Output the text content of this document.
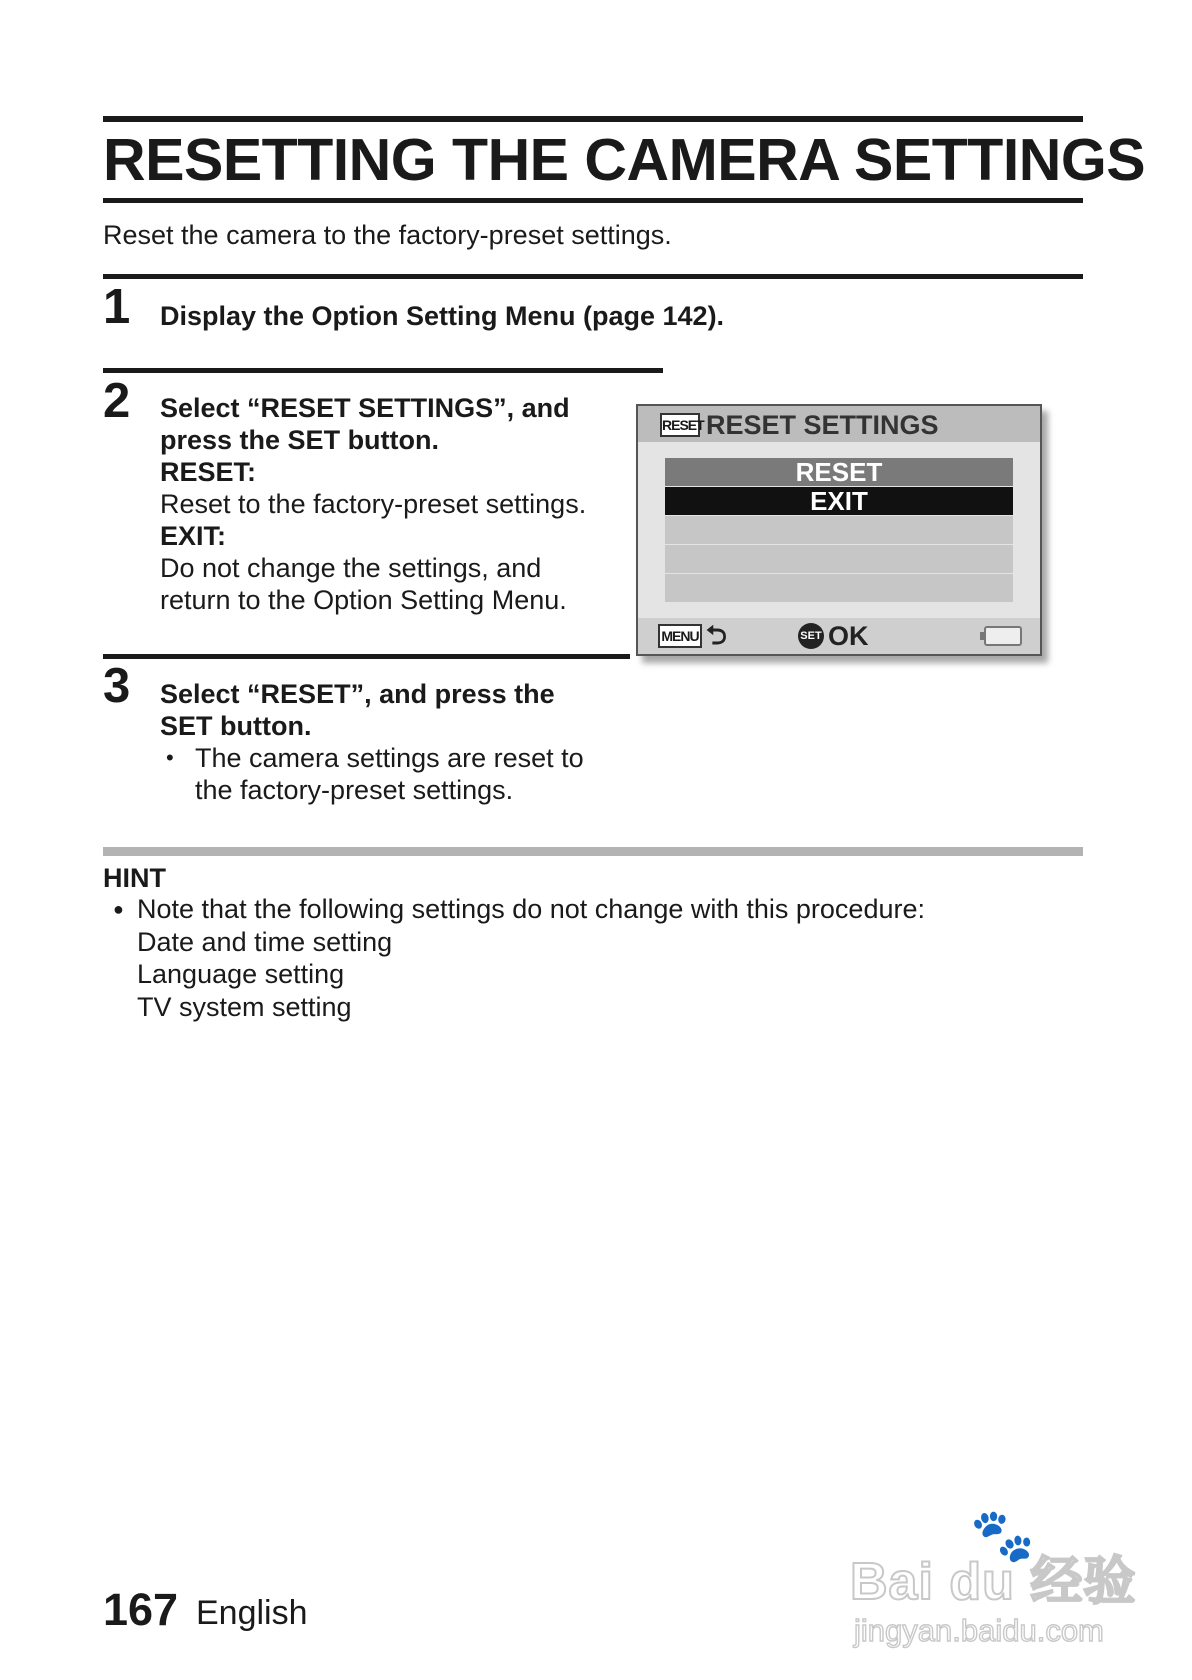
RESETTING THE CAMERA SETTINGS
Reset the camera to the factory-preset settings.
1 Display the Option Setting Menu (page 142).
2 Select “RESET SETTINGS”, and
press the SET button.
RESET:
Reset to the factory-preset settings.
EXIT:
Do not change the settings, and
return to the Option Setting Menu.
RESET RESET SETTINGS
RESET
EXIT
MENU ⮌	SET OK
3 Select “RESET”, and press the
SET button.
• The camera settings are reset to
the factory-preset settings.
HINT
● Note that the following settings do not change with this procedure:
Date and time setting
Language setting
TV system setting
167 English
🐾
Bai du 经验
jingyan.baidu.com
